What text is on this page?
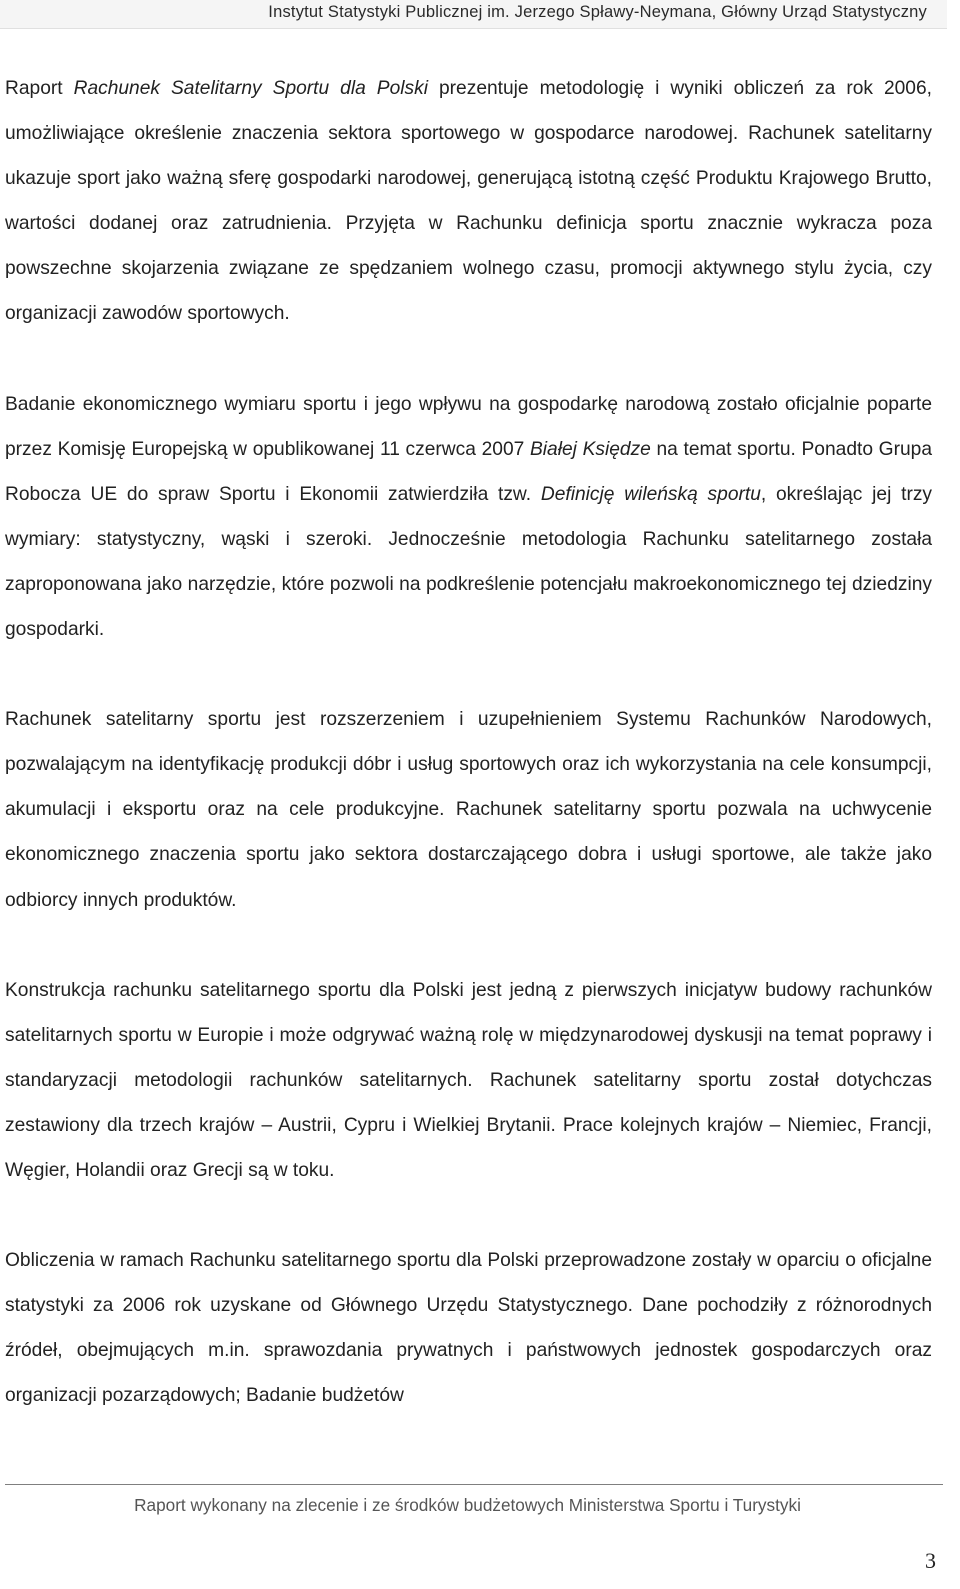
Instytut Statystyki Publicznej im. Jerzego Spławy-Neymana, Główny Urząd Statystyczny

Raport Rachunek Satelitarny Sportu dla Polski prezentuje metodologię i wyniki obliczeń za rok 2006, umożliwiające określenie znaczenia sektora sportowego w gospodarce narodowej. Rachunek satelitarny ukazuje sport jako ważną sferę gospodarki narodowej, generującą istotną część Produktu Krajowego Brutto, wartości dodanej oraz zatrudnienia. Przyjęta w Rachunku definicja sportu znacznie wykracza poza powszechne skojarzenia związane ze spędzaniem wolnego czasu, promocji aktywnego stylu życia, czy organizacji zawodów sportowych.

Badanie ekonomicznego wymiaru sportu i jego wpływu na gospodarkę narodową zostało oficjalnie poparte przez Komisję Europejską w opublikowanej 11 czerwca 2007 Białej Księdze na temat sportu. Ponadto Grupa Robocza UE do spraw Sportu i Ekonomii zatwierdziła tzw. Definicję wileńską sportu, określając jej trzy wymiary: statystyczny, wąski i szeroki. Jednocześnie metodologia Rachunku satelitarnego została zaproponowana jako narzędzie, które pozwoli na podkreślenie potencjału makroekonomicznego tej dziedziny gospodarki.

Rachunek satelitarny sportu jest rozszerzeniem i uzupełnieniem Systemu Rachunków Narodowych, pozwalającym na identyfikację produkcji dóbr i usług sportowych oraz ich wykorzystania na cele konsumpcji, akumulacji i eksportu oraz na cele produkcyjne. Rachunek satelitarny sportu pozwala na uchwycenie ekonomicznego znaczenia sportu jako sektora dostarczającego dobra i usługi sportowe, ale także jako odbiorcy innych produktów.

Konstrukcja rachunku satelitarnego sportu dla Polski jest jedną z pierwszych inicjatyw budowy rachunków satelitarnych sportu w Europie i może odgrywać ważną rolę w międzynarodowej dyskusji na temat poprawy i standaryzacji metodologii rachunków satelitarnych. Rachunek satelitarny sportu został dotychczas zestawiony dla trzech krajów – Austrii, Cypru i Wielkiej Brytanii. Prace kolejnych krajów – Niemiec, Francji, Węgier, Holandii oraz Grecji są w toku.

Obliczenia w ramach Rachunku satelitarnego sportu dla Polski przeprowadzone zostały w oparciu o oficjalne statystyki za 2006 rok uzyskane od Głównego Urzędu Statystycznego. Dane pochodziły z różnorodnych źródeł, obejmujących m.in. sprawozdania prywatnych i państwowych jednostek gospodarczych oraz organizacji pozarządowych; Badanie budżetów

Raport wykonany na zlecenie i ze środków budżetowych Ministerstwa Sportu i Turystyki
3
